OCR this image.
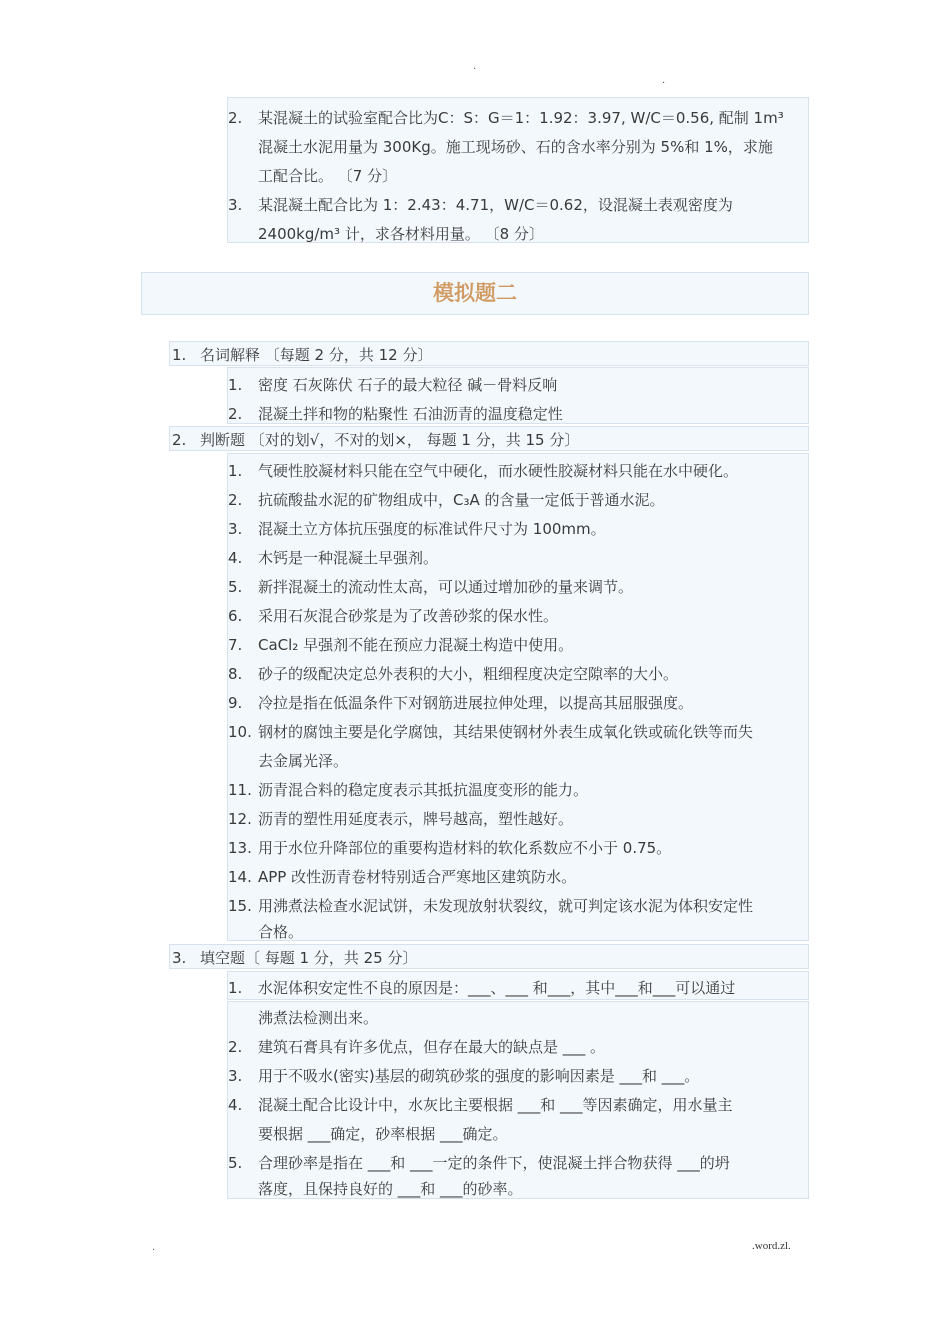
.
.
2.	某混凝土的试验室配合比为C：S：G＝1：1.92：3.97, W/C＝0.56, 配制 1m³
混凝土水泥用量为 300Kg。施工现场砂、石的含水率分别为 5%和 1%，求施
工配合比。 〔7 分〕
3.	某混凝土配合比为 1：2.43：4.71，W/C＝0.62，设混凝土表观密度为
2400kg/m³ 计，求各材料用量。 〔8 分〕
模拟题二
1. 名词解释 〔每题 2 分，共 12 分〕
1.	密度 石灰陈伏 石子的最大粒径 碱－骨料反响
2.	混凝土拌和物的粘聚性 石油沥青的温度稳定性
2. 判断题 〔对的划√，不对的划×， 每题 1 分，共 15 分〕
1.	气硬性胶凝材料只能在空气中硬化，而水硬性胶凝材料只能在水中硬化。
2.	抗硫酸盐水泥的矿物组成中，C₃A 的含量一定低于普通水泥。
3.	混凝土立方体抗压强度的标准试件尺寸为 100mm。
4.	木钙是一种混凝土早强剂。
5.	新拌混凝土的流动性太高，可以通过增加砂的量来调节。
6.	采用石灰混合砂浆是为了改善砂浆的保水性。
7.	CaCl₂ 早强剂不能在预应力混凝土构造中使用。
8.	砂子的级配决定总外表积的大小，粗细程度决定空隙率的大小。
9.	冷拉是指在低温条件下对钢筋进展拉伸处理，以提高其屈服强度。
10. 钢材的腐蚀主要是化学腐蚀，其结果使钢材外表生成氧化铁或硫化铁等而失
去金属光泽。
11. 沥青混合料的稳定度表示其抵抗温度变形的能力。
12. 沥青的塑性用延度表示，牌号越高，塑性越好。
13. 用于水位升降部位的重要构造材料的软化系数应不小于 0.75。
14. APP 改性沥青卷材特别适合严寒地区建筑防水。
15. 用沸煮法检查水泥试饼，未发现放射状裂纹，就可判定该水泥为体积安定性
合格。
3. 填空题〔 每题 1 分，共 25 分〕
1.	水泥体积安定性不良的原因是：___、___ 和___，其中___和___可以通过
沸煮法检测出来。
2.	建筑石膏具有许多优点，但存在最大的缺点是 ___ 。
3.	用于不吸水(密实)基层的砌筑砂浆的强度的影响因素是 ___和 ___。
4.	混凝土配合比设计中，水灰比主要根据 ___和 ___等因素确定，用水量主
要根据 ___确定，砂率根据 ___确定。
5.	合理砂率是指在 ___和 ___一定的条件下，使混凝土拌合物获得 ___的坍
落度，且保持良好的 ___和 ___的砂率。
.	.word.zl.
